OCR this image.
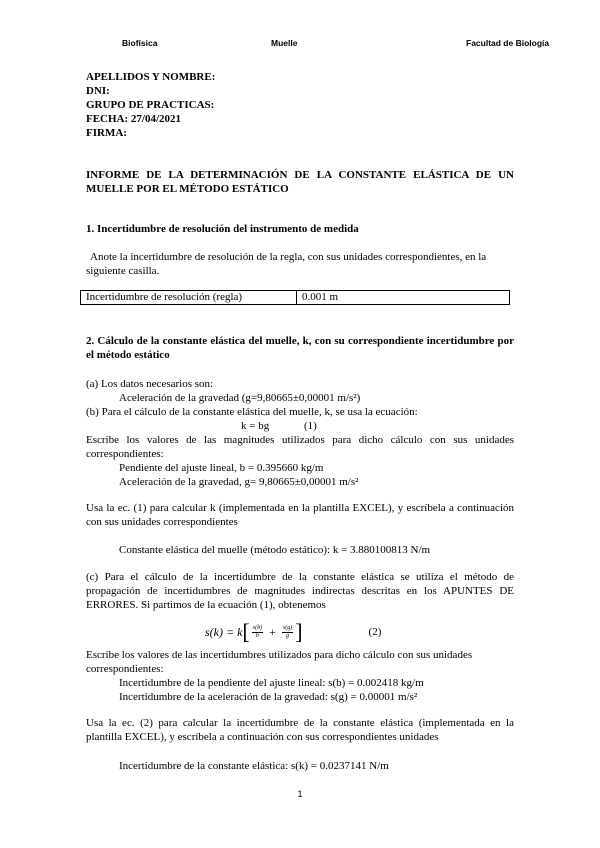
Biofísica	Muelle	Facultad de Biología
APELLIDOS Y NOMBRE:
DNI:
GRUPO DE PRACTICAS:
FECHA: 27/04/2021
FIRMA:
INFORME DE LA DETERMINACIÓN DE LA CONSTANTE ELÁSTICA DE UN MUELLE POR EL MÉTODO ESTÁTICO
1. Incertidumbre de resolución del instrumento de medida
Anote la incertidumbre de resolución de la regla, con sus unidades correspondientes, en la siguiente casilla.
Incertidumbre de resolución (regla)	0.001 m
2. Cálculo de la constante elástica del muelle, k, con su correspondiente incertidumbre por el método estático
(a) Los datos necesarios son:
Aceleración de la gravedad (g=9,80665±0,00001 m/s²)
(b) Para el cálculo de la constante elástica del muelle, k, se usa la ecuación:
k = bg	(1)
Escribe los valores de las magnitudes utilizados para dicho cálculo con sus unidades correspondientes:
Pendiente del ajuste lineal, b = 0.395660 kg/m
Aceleración de la gravedad, g= 9,80665±0,00001 m/s²
Usa la ec. (1) para calcular k (implementada en la plantilla EXCEL), y escríbela a continuación con sus unidades correspondientes
Constante elástica del muelle (método estático): k = 3.880100813 N/m
(c) Para el cálculo de la incertidumbre de la constante elástica se utiliza el método de propagación de incertidumbres de magnitudes indirectas descritas en los APUNTES DE ERRORES. Si partimos de la ecuación (1), obtenemos
s(k) = k [ $\frac{s(b)}{b} + \frac{s(g)}{g}$ ]	(2)
Escribe los valores de las incertidumbres utilizados para dicho cálculo con sus unidades correspondientes:
Incertidumbre de la pendiente del ajuste lineal: s(b) = 0.002418 kg/m
Incertidumbre de la aceleración de la gravedad: s(g) = 0.00001 m/s²
Usa la ec. (2) para calcular la incertidumbre de la constante elástica (implementada en la plantilla EXCEL), y escríbela a continuación con sus correspondientes unidades
Incertidumbre de la constante elástica: s(k) = 0.0237141 N/m
1
